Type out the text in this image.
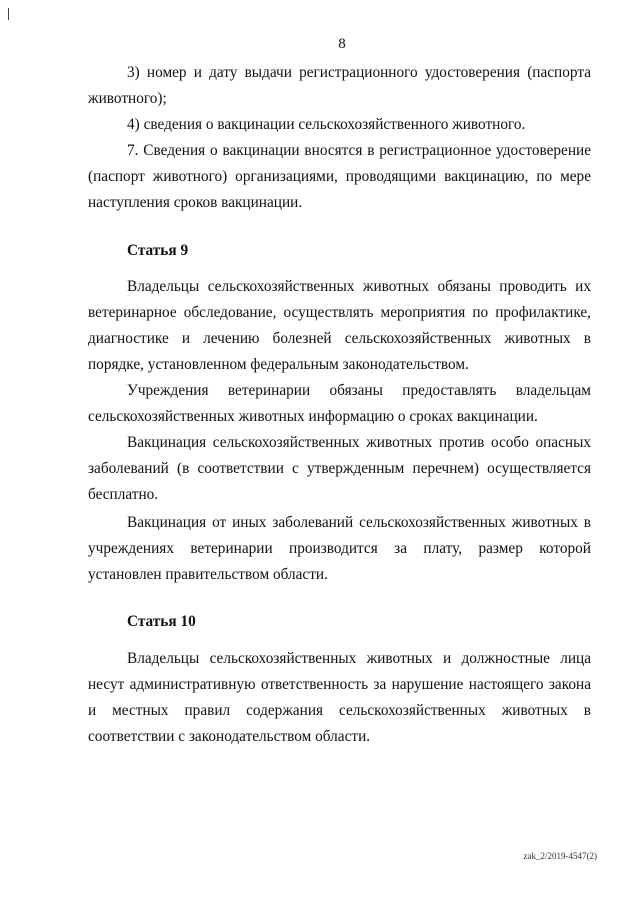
8
3) номер и дату выдачи регистрационного удостоверения (паспорта животного);
4) сведения о вакцинации сельскохозяйственного животного.
7. Сведения о вакцинации вносятся в регистрационное удостоверение (паспорт животного) организациями, проводящими вакцинацию, по мере наступления сроков вакцинации.
Статья 9
Владельцы сельскохозяйственных животных обязаны проводить их ветеринарное обследование, осуществлять мероприятия по профилактике, диагностике и лечению болезней сельскохозяйственных животных в порядке, установленном федеральным законодательством.
Учреждения ветеринарии обязаны предоставлять владельцам сельскохозяйственных животных информацию о сроках вакцинации.
Вакцинация сельскохозяйственных животных против особо опасных заболеваний (в соответствии с утвержденным перечнем) осуществляется бесплатно.
Вакцинация от иных заболеваний сельскохозяйственных животных в учреждениях ветеринарии производится за плату, размер которой установлен правительством области.
Статья 10
Владельцы сельскохозяйственных животных и должностные лица несут административную ответственность за нарушение настоящего закона и местных правил содержания сельскохозяйственных животных в соответствии с законодательством области.
zak_2/2019-4547(2)
